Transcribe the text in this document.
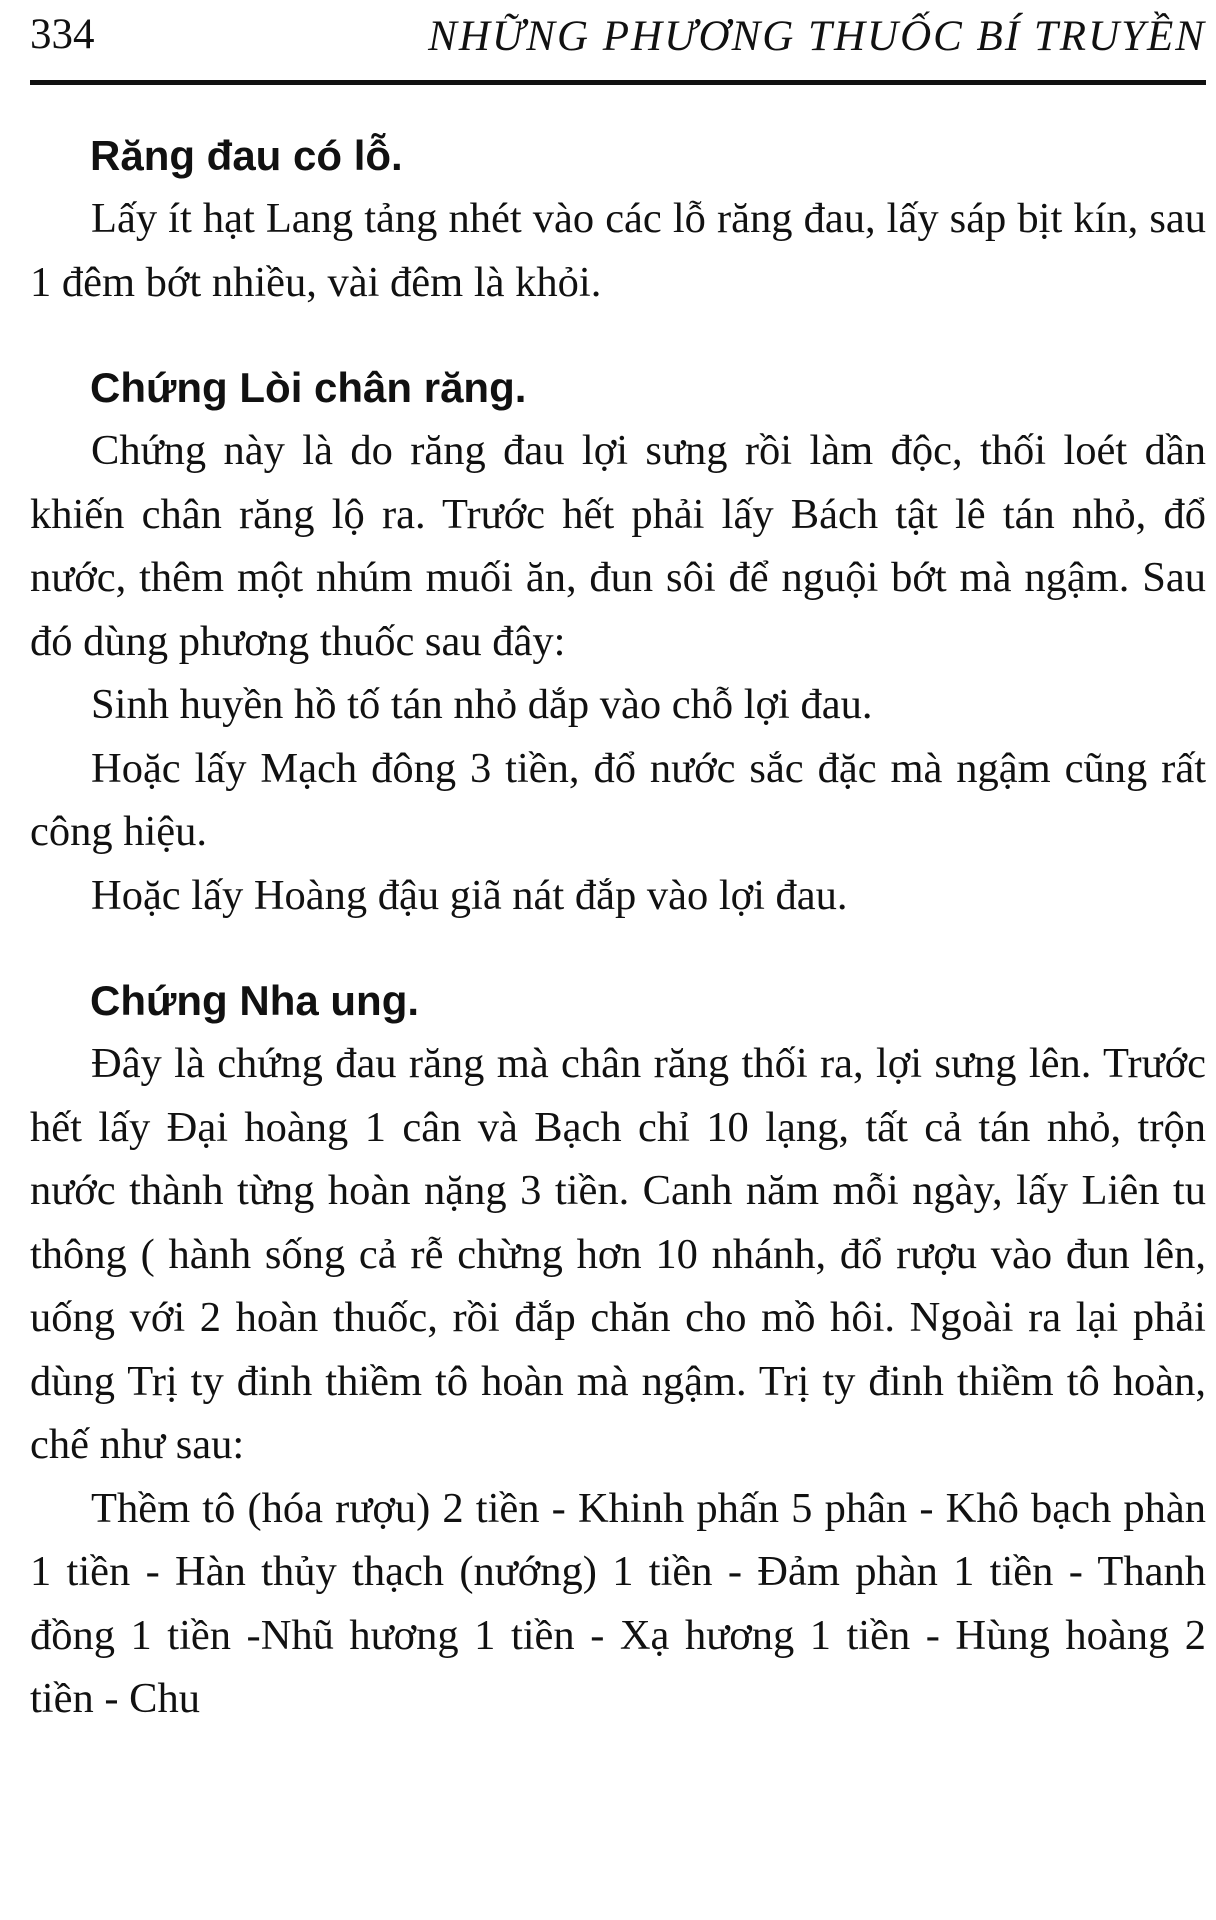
334	NHỮNG PHƯƠNG THUỐC BÍ TRUYỀN
Răng đau có lỗ.

Lấy ít hạt Lang tảng nhét vào các lỗ răng đau, lấy sáp bịt kín, sau 1 đêm bớt nhiều, vài đêm là khỏi.

Chứng Lòi chân răng.

Chứng này là do răng đau lợi sưng rồi làm độc, thối loét dần khiến chân răng lộ ra. Trước hết phải lấy Bách tật lê tán nhỏ, đổ nước, thêm một nhúm muối ăn, đun sôi để nguội bớt mà ngậm. Sau đó dùng phương thuốc sau đây:

Sinh huyền hồ tố tán nhỏ dắp vào chỗ lợi đau.

Hoặc lấy Mạch đông 3 tiền, đổ nước sắc đặc mà ngậm cũng rất công hiệu.

Hoặc lấy Hoàng đậu giã nát đắp vào lợi đau.

Chứng Nha ung.

Đây là chứng đau răng mà chân răng thối ra, lợi sưng lên. Trước hết lấy Đại hoàng 1 cân và Bạch chỉ 10 lạng, tất cả tán nhỏ, trộn nước thành từng hoàn nặng 3 tiền. Canh năm mỗi ngày, lấy Liên tu thông ( hành sống cả rễ chừng hơn 10 nhánh, đổ rượu vào đun lên, uống với 2 hoàn thuốc, rồi đắp chăn cho mồ hôi. Ngoài ra lại phải dùng Trị ty đinh thiềm tô hoàn mà ngậm. Trị ty đinh thiềm tô hoàn, chế như sau:

Thềm tô (hóa rượu) 2 tiền - Khinh phấn 5 phân - Khô bạch phàn 1 tiền - Hàn thủy thạch (nướng) 1 tiền - Đảm phàn 1 tiền - Thanh đồng 1 tiền -Nhũ hương 1 tiền - Xạ hương 1 tiền - Hùng hoàng 2 tiền - Chu
